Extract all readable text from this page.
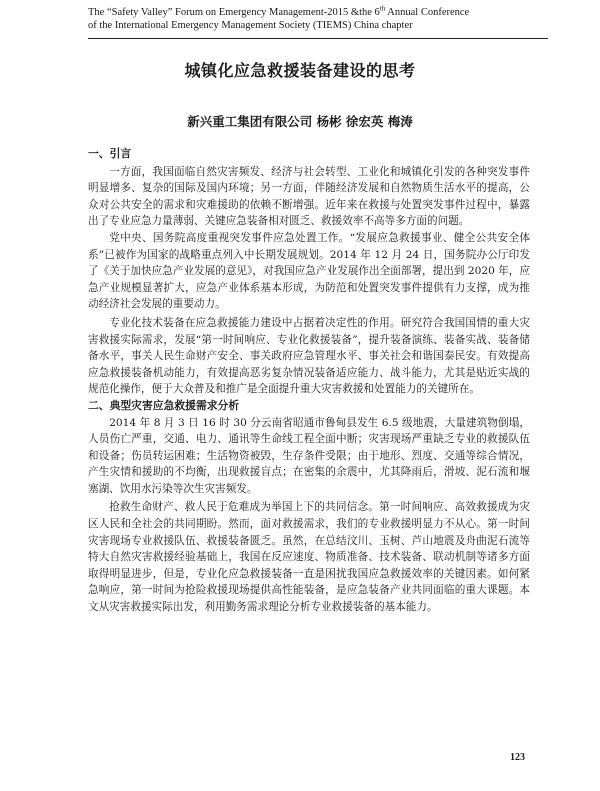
The “Safety Valley” Forum on Emergency Management-2015 &the 6th Annual Conference
of the International Emergency Management Society (TIEMS) China chapter
城镇化应急救援装备建设的思考
新兴重工集团有限公司 杨彬 徐宏英 梅涛
一、引言

一方面，我国面临自然灾害频发、经济与社会转型、工业化和城镇化引发的各种突发事件明显增多、复杂的国际及国内环境；另一方面，伴随经济发展和自然物质生活水平的提高，公众对公共安全的需求和灾难援助的依赖不断增强。近年来在救援与处置突发事件过程中，暴露出了专业应急力量薄弱、关键应急装备相对匮乏、救援效率不高等多方面的问题。

党中央、国务院高度重视突发事件应急处置工作。“发展应急救援事业、健全公共安全体系”已被作为国家的战略重点列入中长期发展规划。2014 年 12 月 24 日，国务院办公厅印发了《关于加快应急产业发展的意见》，对我国应急产业发展作出全面部署，提出到 2020 年，应急产业规模显著扩大，应急产业体系基本形成，为防范和处置突发事件提供有力支撑，成为推动经济社会发展的重要动力。

专业化技术装备在应急救援能力建设中占据着决定性的作用。研究符合我国国情的重大灾害救援实际需求，发展“第一时间响应、专业化救援装备”，提升装备演练、装备实战、装备储备水平，事关人民生命财产安全、事关政府应急管理水平、事关社会和谐国泰民安。有效提高应急救援装备机动能力，有效提高恶劣复杂情况装备适应能力、战斗能力，尤其是贴近实战的规范化操作，便于大众普及和推广是全面提升重大灾害救援和处置能力的关键所在。

二、典型灾害应急救援需求分析

2014 年 8 月 3 日 16 时 30 分云南省昭通市鲁甸县发生 6.5 级地震，大量建筑物倒塌，人员伤亡严重，交通、电力、通讯等生命线工程全面中断；灾害现场严重缺乏专业的救援队伍和设备；伤员转运困难；生活物资被毁，生存条件受限；由于地形、烈度、交通等综合情况，产生灾情和援助的不均衡，出现救援盲点；在密集的余震中，尤其降雨后，滑坡、泥石流和堰塞湖、饮用水污染等次生灾害频发。

抢救生命财产、救人民于危难成为举国上下的共同信念。第一时间响应、高效救援成为灾区人民和全社会的共同期盼。然而，面对救援需求，我们的专业救援明显力不从心。第一时间灾害现场专业救援队伍、救援装备匮乏。虽然，在总结汶川、玉树、芦山地震及舟曲泥石流等特大自然灾害救援经验基础上，我国在反应速度、物质准备、技术装备、联动机制等诸多方面取得明显进步，但是，专业化应急救援装备一直是困扰我国应急救援效率的关键因素。如何紧急响应，第一时间为抢险救援现场提供高性能装备，是应急装备产业共同面临的重大课题。本文从灾害救援实际出发，利用勤务需求理论分析专业救援装备的基本能力。

123
